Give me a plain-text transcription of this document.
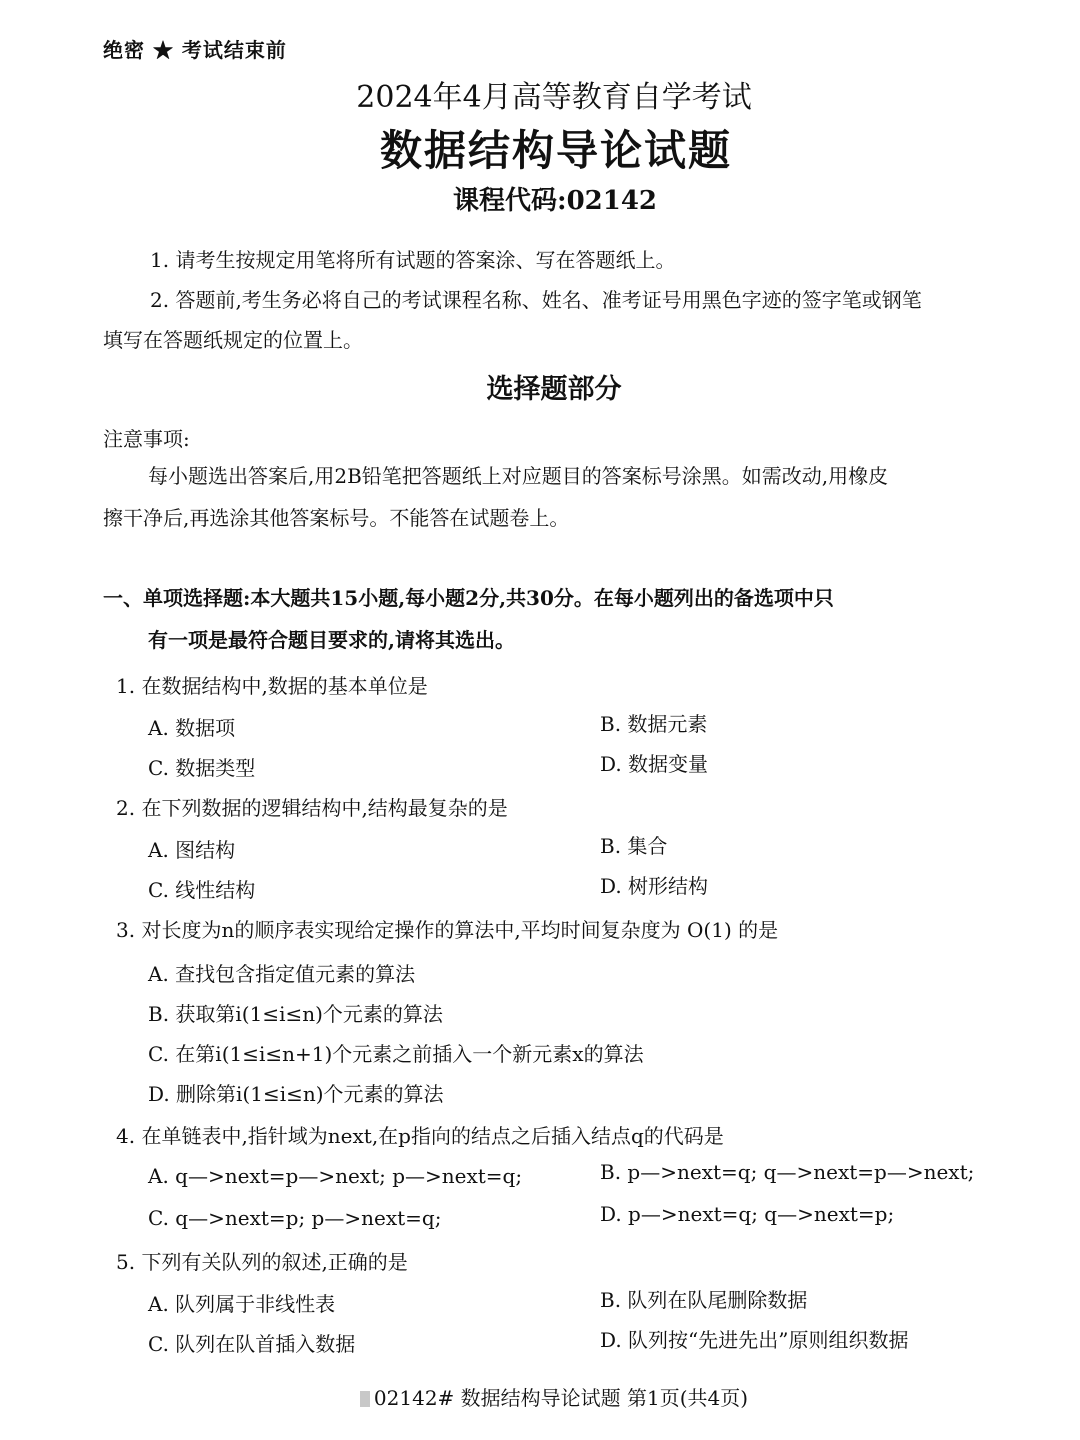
绝密 ★ 考试结束前
2024年4月高等教育自学考试
数据结构导论试题
课程代码:02142
1. 请考生按规定用笔将所有试题的答案涂、写在答题纸上。
2. 答题前,考生务必将自己的考试课程名称、姓名、准考证号用黑色字迹的签字笔或钢笔
填写在答题纸规定的位置上。
选择题部分
注意事项:
每小题选出答案后,用2B铅笔把答题纸上对应题目的答案标号涂黑。如需改动,用橡皮
擦干净后,再选涂其他答案标号。不能答在试题卷上。
一、单项选择题:本大题共15小题,每小题2分,共30分。在每小题列出的备选项中只
有一项是最符合题目要求的,请将其选出。
1. 在数据结构中,数据的基本单位是
A. 数据项	B. 数据元素
C. 数据类型	D. 数据变量
2. 在下列数据的逻辑结构中,结构最复杂的是
A. 图结构	B. 集合
C. 线性结构	D. 树形结构
3. 对长度为n的顺序表实现给定操作的算法中,平均时间复杂度为 O(1) 的是
A. 查找包含指定值元素的算法
B. 获取第i(1≤i≤n)个元素的算法
C. 在第i(1≤i≤n+1)个元素之前插入一个新元素x的算法
D. 删除第i(1≤i≤n)个元素的算法
4. 在单链表中,指针域为next,在p指向的结点之后插入结点q的代码是
A. q—>next=p—>next; p—>next=q;	B. p—>next=q; q—>next=p—>next;
C. q—>next=p; p—>next=q;	D. p—>next=q; q—>next=p;
5. 下列有关队列的叙述,正确的是
A. 队列属于非线性表	B. 队列在队尾删除数据
C. 队列在队首插入数据	D. 队列按“先进先出”原则组织数据
02142# 数据结构导论试题 第1页(共4页)
